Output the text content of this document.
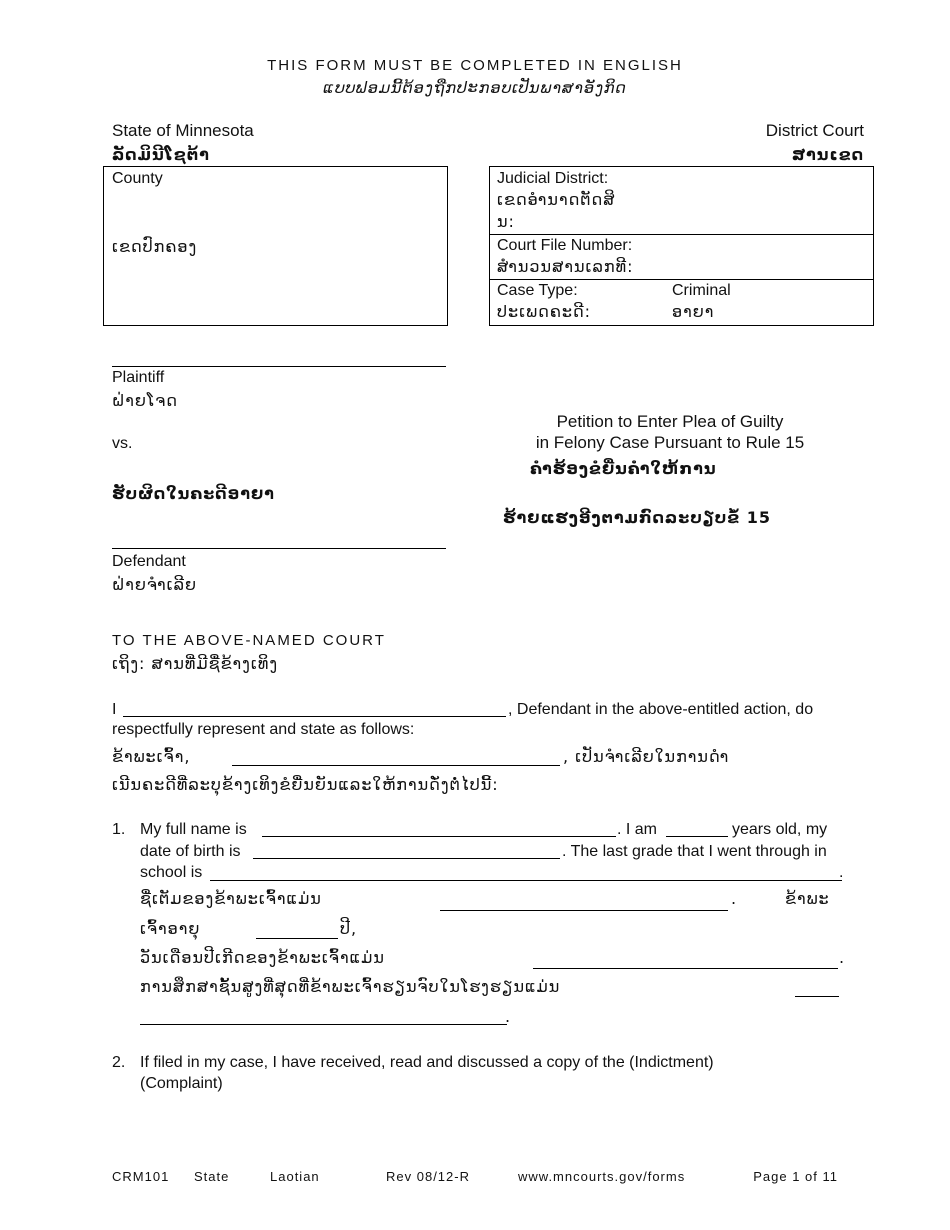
THIS FORM MUST BE COMPLETED IN ENGLISH
ແບບຟອມນີ້ຕ້ອງຖືກປະກອບເປັນພາສາອັງກິດ
State of Minnesota
ລັດມິນີໂຊຕ້າ
District Court
ສານເຂດ
County
ເຂດປົກຄອງ
Judicial District:
ເຂດອຳນາດຕັດສິ
ນ:
Court File Number:
ສຳນວນສານເລກທີ:
Case Type:
ປະເພດຄະດີ:
Criminal
ອາຍາ
Plaintiff
ຝ່າຍໂຈດ
vs.
ຮັບຜິດໃນຄະດີອາຍາ
Defendant
ຝ່າຍຈຳເລີຍ
Petition to Enter Plea of Guilty
in Felony Case Pursuant to Rule 15
ຄຳຮ້ອງຂໍຍື່ນຄຳໃຫ້ການ
ຮ້າຍແຮງອີງຕາມກົດລະບຽບຂໍ້ 15
TO THE ABOVE-NAMED COURT
ເຖິງ: ສານທີ່ມີຊື່ຂ້າງເທິງ
I	, Defendant in the above-entitled action, do
respectfully represent and state as follows:
ຂ້າພະເຈົ້າ,	, ເປັນຈຳເລີຍໃນການດຳ
ເນີນຄະດີທີ່ລະບຸຂ້າງເທິງຂໍຍື່ນຍັນແລະໃຫ້ການດັ່ງຕໍ່ໄປນີ້:
1. My full name is	. I am	years old, my
date of birth is	. The last grade that I went through in
school is	.
ຊື່ເຕັມຂອງຂ້າພະເຈົ້າແມ່ນ	.	ຂ້າພະ
ເຈົ້າອາຍຸ	ປີ,
ວັນເດືອນປີເກີດຂອງຂ້າພະເຈົ້າແມ່ນ	.
ການສຶກສາຊັ້ນສູງທີ່ສຸດທີ່ຂ້າພະເຈົ້າຮຽນຈົບໃນໂຮງຮຽນແມ່ນ
.
2. If filed in my case, I have received, read and discussed a copy of the (Indictment)
(Complaint)
CRM101 State	Laotian	Rev 08/12-R	www.mncourts.gov/forms	Page 1 of 11
